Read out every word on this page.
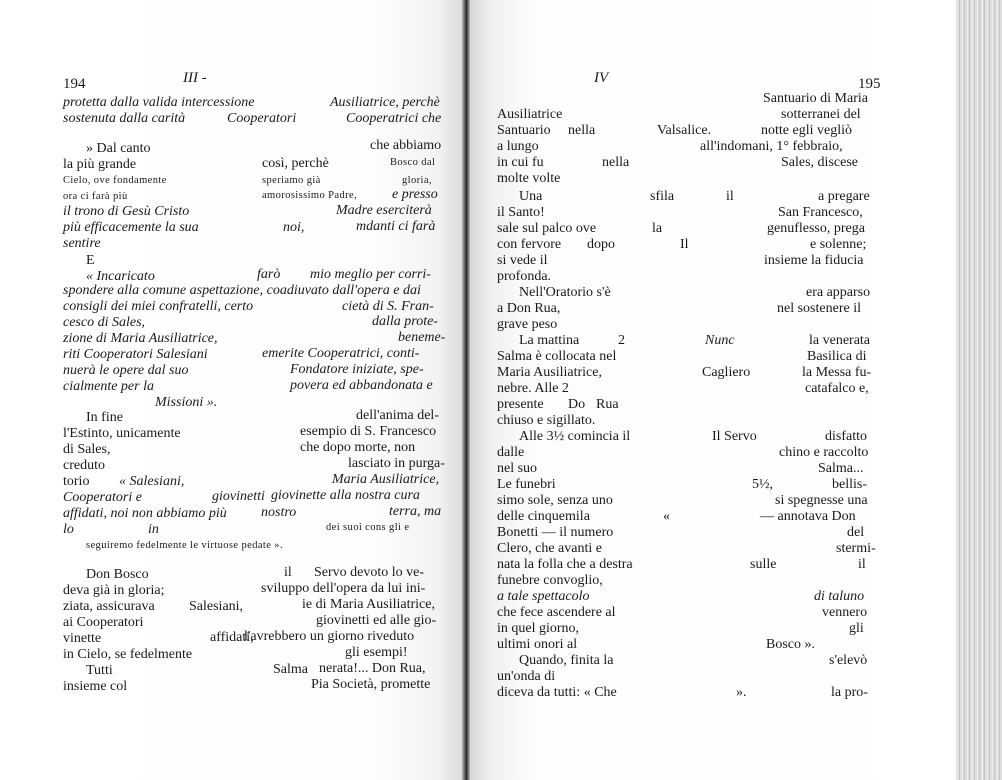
194	III -
protetta dalla valida intercessione	Ausiliatrice, perchè
sostenuta dalla carità	Cooperatori	Cooperatrici che
» Dal canto	che abbiamo
la più grande	così, perchè	Bosco dal
Cielo, ove fondamente	speriamo già	gloria,
ora ci farà più	amorosissimo Padre, e presso
il trono di Gesù Cristo	Madre eserciterà
più efficacemente la sua	noi,	mdanti ci farà
sentire
E
« Incaricato	farò mio meglio per corri-
spondere alla comune aspettazione, coadiuvato dall'opera e dai
consigli dei miei confratelli, certo	cietà di S. Fran-
cesco di Sales,	dalla prote-
zione di Maria Ausiliatrice,	beneme-
riti Cooperatori Salesiani	emerite Cooperatrici, conti-
nuerà le opere dal suo	Fondatore iniziate, spe-
cialmente per la	povera ed abbandonata e
Missioni ».
In fine	dell'anima del-
l'Estinto, unicamente	esempio di S. Francesco
di Sales,	che dopo morte, non
creduto	lasciato in purga-
torio « Salesiani,	Maria Ausiliatrice,
Cooperatori e	giovinetti giovinette alla nostra cura
affidati, noi non abbiamo più nostro	terra, ma
lo	in	dei suoi cons gli e
seguiremo fedelmente le virtuose pedate ».
Don Bosco	il Servo devoto lo ve-
deva già in gloria;	sviluppo dell'opera da lui ini-
ziata, assicurava Salesiani,	ie di Maria Ausiliatrice,
ai Cooperatori	giovinetti ed alle gio-
vinette	affidati,
l'avrebbero un giorno riveduto
in Cielo, se fedelmente	gli esempi!
Tutti	Salma nerata!... Don Rua,
insieme col	Pia Società, promette
IV	195
Santuario di Maria
Ausiliatrice	sotterranei del
Santuario nella	Valsalice.	notte egli vegliò
a lungo	all'indomani, 1° febbraio,
in cui fu	nella	Sales, discese
molte volte
Una	sfila	il	a pregare
il Santo!	San Francesco,
sale sul palco ove	la	genuflesso, prega
con fervore dopo	Il	e solenne;
si vede il	insieme la fiducia
profonda.
Nell'Oratorio s'è	era apparso
a Don Rua,	nel sostenere il
grave peso
La mattina	2	Nunc	la venerata
Salma è collocata nel	Basilica di
Maria Ausiliatrice,	Cagliero	la Messa fu-
nebre. Alle 2	catafalco e,
presente Do Rua
chiuso e sigillato.
Alle 3½ comincia il	Il Servo	disfatto
dalle	chino e raccolto
nel suo	Salma...
Le funebri	5½,	bellis-
simo sole, senza uno	si spegnesse una
delle cinquemila	«	— annotava Don
Bonetti — il numero	del
Clero, che avanti e	stermi-
nata la folla che a destra	sulle	il
funebre convoglio,
a tale spettacolo	di taluno
che fece ascendere al	vennero
in quel giorno,	gli
ultimi onori al	Bosco ».
Quando, finita la	s'elevò
un'onda di
diceva da tutti: « Che	».	la pro-
